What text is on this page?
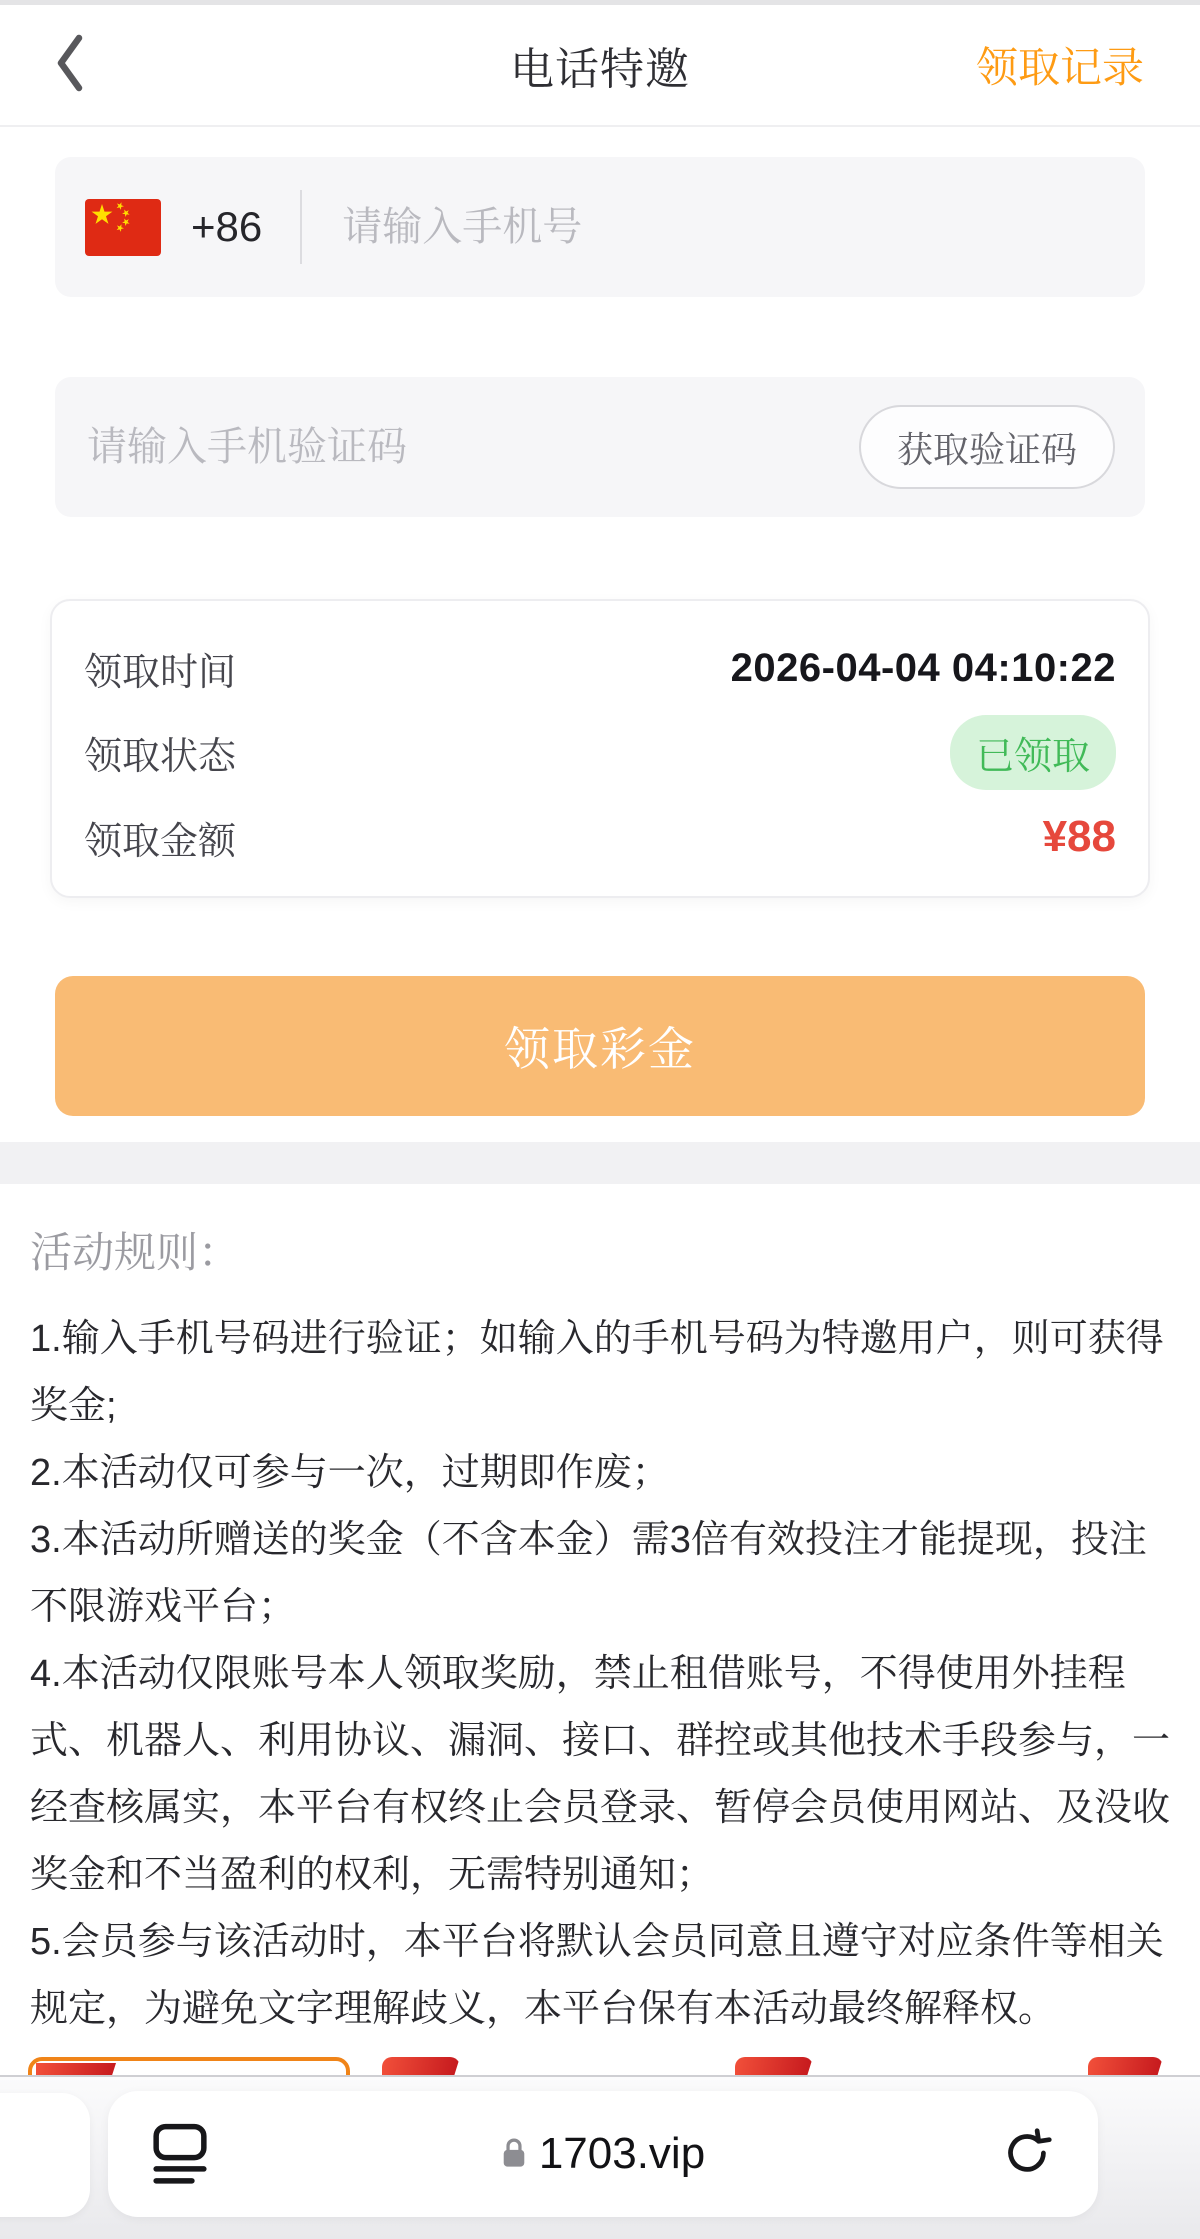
电话特邀	领取记录
+86
请输入手机号
请输入手机验证码
获取验证码
领取时间	2026-04-04 04:10:22
领取状态	已领取
领取金额	¥88
领取彩金

活动规则：

1.输入手机号码进行验证；如输入的手机号码为特邀用户，则可获得奖金;

2.本活动仅可参与一次，过期即作废；

3.本活动所赠送的奖金（不含本金）需3倍有效投注才能提现，投注不限游戏平台；

4.本活动仅限账号本人领取奖励，禁止租借账号，不得使用外挂程式、机器人、利用协议、漏洞、接口、群控或其他技术手段参与，一经查核属实，本平台有权终止会员登录、暂停会员使用网站、及没收奖金和不当盈利的权利，无需特别通知；

5.会员参与该活动时，本平台将默认会员同意且遵守对应条件等相关规定，为避免文字理解歧义，本平台保有本活动最终解释权。

1703.vip
